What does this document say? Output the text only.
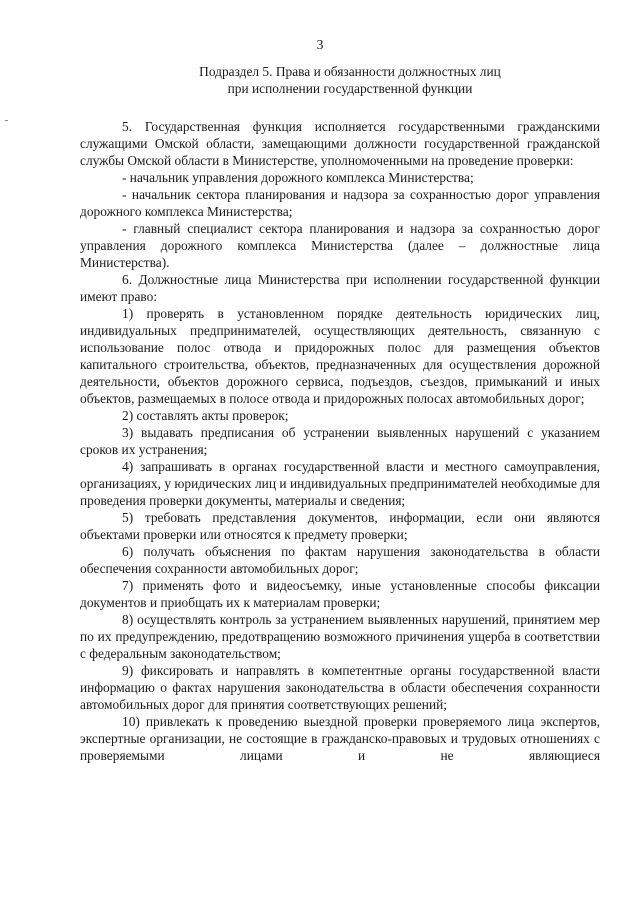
3
Подраздел 5. Права и обязанности должностных лиц
при исполнении государственной функции

5. Государственная функция исполняется государственными гражданскими служащими Омской области, замещающими должности государственной гражданской службы Омской области в Министерстве, уполномоченными на проведение проверки:

- начальник управления дорожного комплекса Министерства;

- начальник сектора планирования и надзора за сохранностью дорог управления дорожного комплекса Министерства;

- главный специалист сектора планирования и надзора за сохранностью дорог управления дорожного комплекса Министерства (далее – должностные лица Министерства).

6. Должностные лица Министерства при исполнении государственной функции имеют право:

1) проверять в установленном порядке деятельность юридических лиц, индивидуальных предпринимателей, осуществляющих деятельность, связанную с использование полос отвода и придорожных полос для размещения объектов капитального строительства, объектов, предназначенных для осуществления дорожной деятельности, объектов дорожного сервиса, подъездов, съездов, примыканий и иных объектов, размещаемых в полосе отвода и придорожных полосах автомобильных дорог;

2) составлять акты проверок;

3) выдавать предписания об устранении выявленных нарушений с указанием сроков их устранения;

4) запрашивать в органах государственной власти и местного самоуправления, организациях, у юридических лиц и индивидуальных предпринимателей необходимые для проведения проверки документы, материалы и сведения;

5) требовать представления документов, информации, если они являются объектами проверки или относятся к предмету проверки;

6) получать объяснения по фактам нарушения законодательства в области обеспечения сохранности автомобильных дорог;

7) применять фото и видеосъемку, иные установленные способы фиксации документов и приобщать их к материалам проверки;

8) осуществлять контроль за устранением выявленных нарушений, принятием мер по их предупреждению, предотвращению возможного причинения ущерба в соответствии с федеральным законодательством;

9) фиксировать и направлять в компетентные органы государственной власти информацию о фактах нарушения законодательства в области обеспечения сохранности автомобильных дорог для принятия соответствующих решений;

10) привлекать к проведению выездной проверки проверяемого лица экспертов, экспертные организации, не состоящие в гражданско-правовых и трудовых отношениях с проверяемыми лицами и не являющиеся
